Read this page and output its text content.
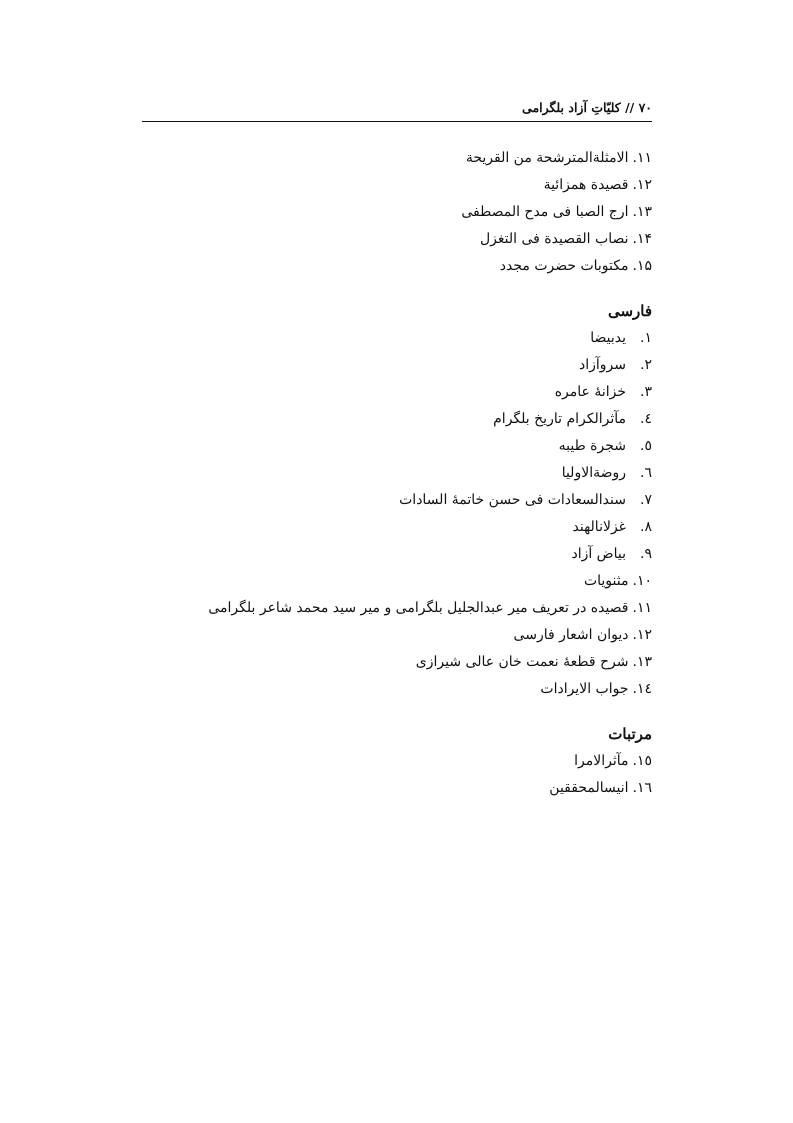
٧٠ // کلیّاتِ آزاد بلگرامی
١١.الامثلةالمترشحة من القريحة
١٢.قصيدة همزائية
١٣.ارج الصبا فى مدح المصطفى
١۴.نصاب القصيدة فى التغزل
١۵.مكتوبات حضرت مجدد
فارسی
١.يدبيضا
٢.سروآزاد
٣.خزانهٔ عامره
٤.مآثرالكرام تاريخ بلگرام
٥.شجرة طيبه
٦.روضةالاوليا
٧.سندالسعادات فى حسن خاتمهٔ السادات
٨.غزلانالهند
٩.بياض آزاد
١٠.مثنويات
١١.قصيده در تعريف مير عبدالجليل بلگرامی و مير سيد محمد شاعر بلگرامی
١٢.ديوان اشعار فارسی
١٣.شرح قطعهٔ نعمت خان عالی شيرازی
١٤.جواب الايرادات
مرتبات
١٥.مآثرالامرا
١٦.انيسالمحققين
